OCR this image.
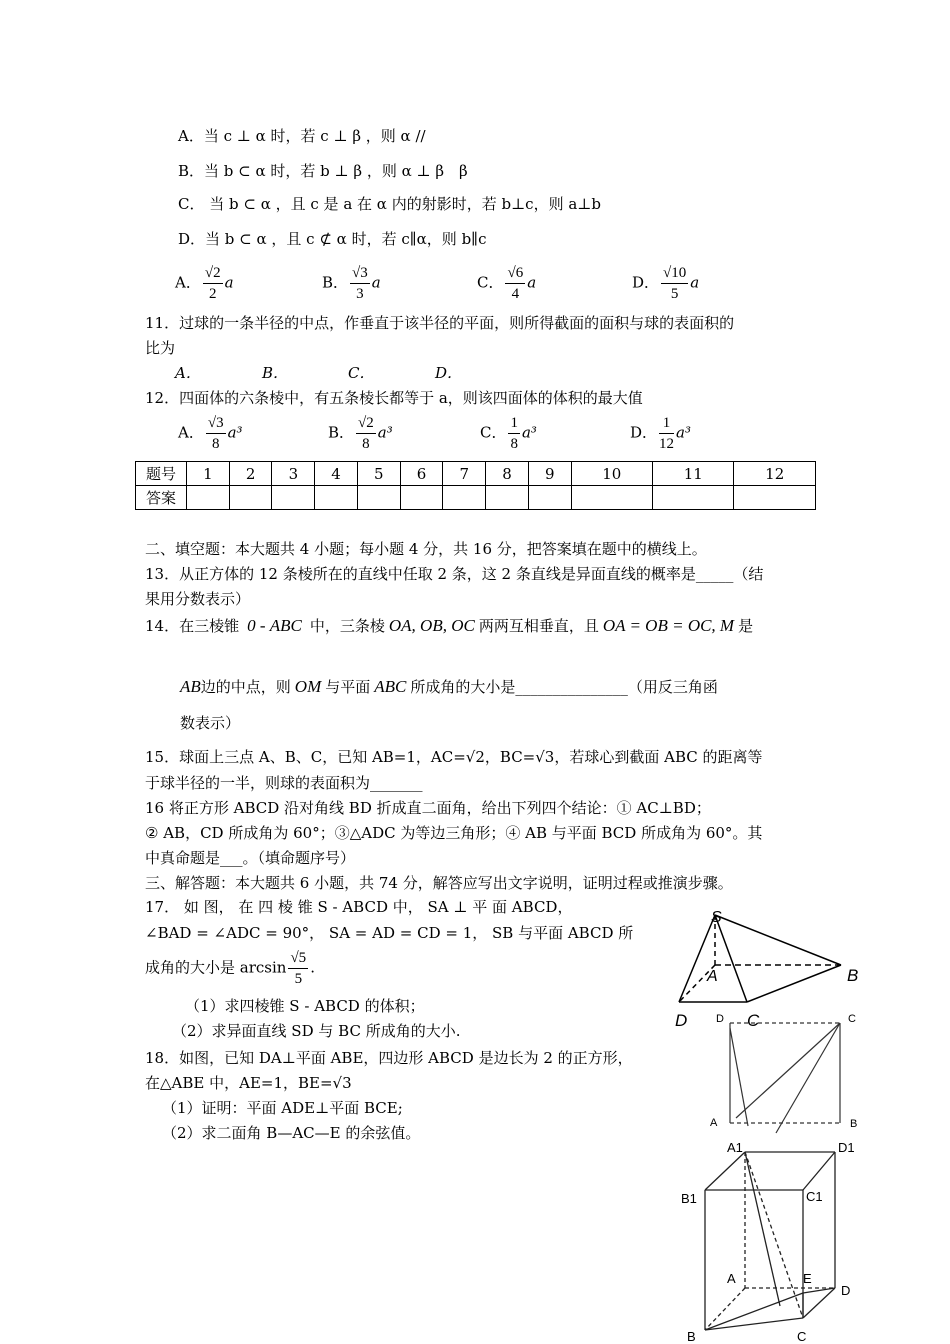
A．当 c ⊥ α 时，若 c ⊥ β ，则 α //
B．当 b ⊂ α 时，若 b ⊥ β ，则 α ⊥ β　β
C． 当 b ⊂ α ，且 c 是 a 在 α 内的射影时，若 b⊥c，则 a⊥b
D．当 b ⊂ α ，且 c ⊄ α 时，若 c∥α，则 b∥c
A． $\frac{√2}{2}$ a	B． $\frac{√3}{3}$ a	C． $\frac{√6}{4}$ a	D． $\frac{√10}{5}$ a
11．过球的一条半径的中点，作垂直于该半径的平面，则所得截面的面积与球的表面积的
比为
A．	B．	C．	D．
12．四面体的六条棱中，有五条棱长都等于 a，则该四面体的体积的最大值
A． $\frac{√3}{8} a^3$	B． $\frac{√2}{8} a^3$	C． $\frac{1}{8} a^3$	D． $\frac{1}{12} a^3$
题号	1	2	3	4	5	6	7	8	9	10	11	12
答案												
二、填空题：本大题共 4 小题；每小题 4 分，共 16 分，把答案填在题中的横线上。
13．从正方体的 12 条棱所在的直线中任取 2 条，这 2 条直线是异面直线的概率是_____（结
果用分数表示）
14．在三棱锥 0 - ABC 中，三条棱 OA, OB, OC 两两互相垂直，且 OA = OB = OC, M 是
AB边的中点，则 OM 与平面 ABC 所成角的大小是_______________（用反三角函
数表示）
15．球面上三点 A、B、C，已知 AB=1，AC=√2，BC=√3，若球心到截面 ABC 的距离等
于球半径的一半，则球的表面积为_______
16 将正方形 ABCD 沿对角线 BD 折成直二面角，给出下列四个结论：① AC⊥BD；
② AB，CD 所成角为 60°；③△ADC 为等边三角形；④ AB 与平面 BCD 所成角为 60°。其
中真命题是___。（填命题序号）
三、解答题：本大题共 6 小题，共 74 分，解答应写出文字说明，证明过程或推演步骤。
17． 如 图， 在 四 棱 锥 S - ABCD 中， SA ⊥ 平 面 ABCD，
∠BAD = ∠ADC = 90°， SA = AD = CD = 1， SB 与平面 ABCD 所
成角的大小是 $\arcsin \frac{√5}{5}$ .
（1）求四棱锥 S - ABCD 的体积；
（2）求异面直线 SD 与 BC 所成角的大小.
18．如图，已知 DA⊥平面 ABE，四边形 ABCD 是边长为 2 的正方形，
在△ABE 中，AE=1，BE=√3
（1）证明：平面 ADE⊥平面 BCE;
（2）求二面角 B—AC—E 的余弦值。
S
A	B
D	C
D	C
A	B
A1	D1
B1	C1
A	E
D
B	C
